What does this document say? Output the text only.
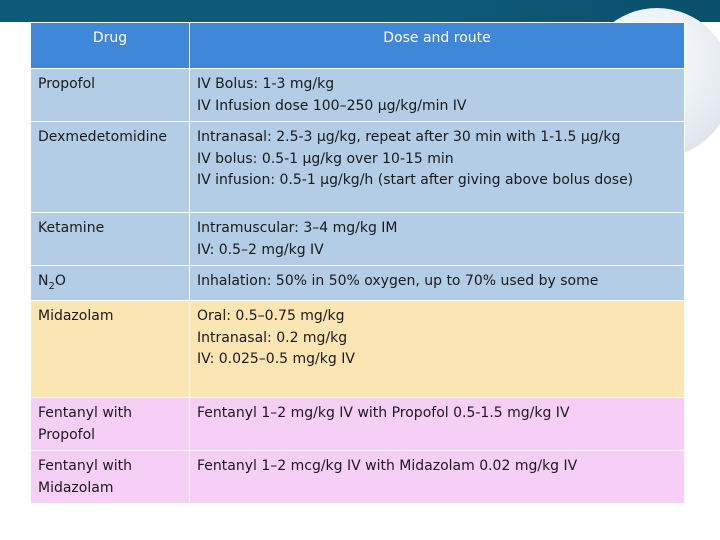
Drug	Dose and route

Propofol	IV Bolus: 1-3 mg/kg
IV Infusion dose 100–250 µg/kg/min IV

Dexmedetomidine	Intranasal: 2.5-3 µg/kg, repeat after 30 min with 1-1.5 µg/kg
IV bolus: 0.5-1 µg/kg over 10-15 min
IV infusion: 0.5-1 µg/kg/h (start after giving above bolus dose)

Ketamine	Intramuscular: 3–4 mg/kg IM
IV: 0.5–2 mg/kg IV

$N_2O$	Inhalation: 50% in 50% oxygen, up to 70% used by some

Midazolam	Oral: 0.5–0.75 mg/kg
Intranasal: 0.2 mg/kg
IV: 0.025–0.5 mg/kg IV

Fentanyl with
Propofol	Fentanyl 1–2 mg/kg IV with Propofol 0.5-1.5 mg/kg IV

Fentanyl with
Midazolam	Fentanyl 1–2 mcg/kg IV with Midazolam 0.02 mg/kg IV
